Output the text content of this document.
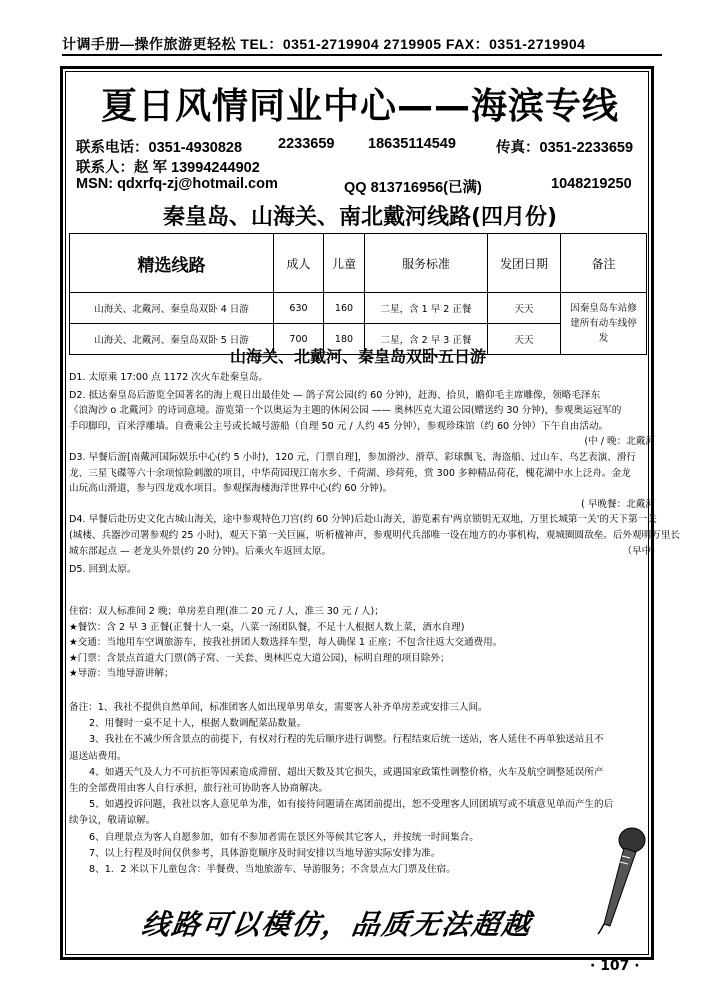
计调手册—操作旅游更轻松 TEL：0351-2719904 2719905 FAX：0351-2719904
夏日风情同业中心——海滨专线
联系电话：0351-4930828 2233659 18635114549	传真：0351-2233659
联系人：赵 军 13994244902
MSN: qdxrfq-zj@hotmail.com	QQ 813716956(已满)	1048219250
秦皇岛、山海关、南北戴河线路(四月份)
精选线路	成人	儿童	服务标准	发团日期	备注
山海关、北戴河、秦皇岛双卧 4 日游	630	160	二星，含 1 早 2 正餐	天天	因秦皇岛车站修建所有动车线停发
山海关、北戴河、秦皇岛双卧 5 日游	700	180	二星，含 2 早 3 正餐	天天	
山海关、北戴河、秦皇岛双卧五日游
D1. 太原乘 17:00 点 1172 次火车赴秦皇岛。
D2. 抵达秦皇岛后游览全国著名的海上观日出最佳处 — 鸽子窝公园(约 60 分钟)，赶海、拾贝，瞻仰毛主席雕像，领略毛泽东
《浪淘沙 o 北戴河》的诗词意境。游览第一个以奥运为主题的休闲公园 —— 奥林匹克大道公园(赠送约 30 分钟)，参观奥运冠军的
手印脚印，百米浮雕墙。自费乘公主号或长城号游船（自理 50 元 / 人约 45 分钟），参观珍珠馆（约 60 分钟）下午自由活动。
(中 / 晚：北戴河
D3. 早餐后游[南戴河国际娱乐中心(约 5 小时)，120 元，门票自理]，参加滑沙、滑草、彩球飘飞、海盗船、过山车、乌艺表演、滑行
龙、三星飞碟等六十余项惊险刺激的项目，中华荷园现江南水乡、千荷湖、珍荷苑，赏 300 多种精品荷花，槐花湖中水上泛舟。金龙
山玩高山滑道，参与四龙戏水项目。参观探海楼海洋世界中心(约 60 分钟)。
( 早晚餐：北戴河
D4. 早餐后赴历史文化古城山海关，途中参观特色刀宫(约 60 分钟)后赴山海关，游览素有'两京锁钥无双地，万里长城第一关'的天下第一关
(城楼、兵器沙司署参观约 25 小时)，观天下第一关巨匾，听析楹神声，参观明代兵部唯一设在地方的办事机构，观城圈圆敌垒。后外观明万里长
城东部起点 — 老龙头外景(约 20 分钟)。后乘火车返回太原。	（早中)
D5. 回到太原。
住宿：双人标准间 2 晚；单房差自理(准二 20 元 / 人，准三 30 元 / 人)；
★餐饮：含 2 早 3 正餐(正餐十人一桌，八菜一汤团队餐，不足十人根据人数上菜，酒水自理)
★交通：当地用车空调旅游车，按我社拼团人数选择车型，每人确保 1 正座；不包含往返大交通费用。
★门票：含景点首道大门票(鸽子窝、一关套、奥林匹克大道公园)，标明自理的项目除外；
★导游：当地导游讲解；
备注：1、我社不提供自然单间，标准团客人如出现单男单女，需要客人补齐单房差或安排三人间。
2、用餐时一桌不足十人，根据人数调配菜品数量。
3、我社在不减少所含景点的前提下，有权对行程的先后顺序进行调整。行程结束后统一送站，客人延住不再单独送站且不
退送站费用。
4、如遇天气及人力不可抗拒等因素造成滞留、超出天数及其它损失，或遇国家政策性调整价格，火车及航空调整延误所产
生的全部费用由客人自行承担，旅行社可协助客人协商解决。
5、如遇投诉问题，我社以客人意见单为准，如有接待问题请在离团前提出，恕不受理客人回团填写或不填意见单而产生的后
续争议，敬请谅解。
6、自理景点为客人自愿参加，如有不参加者需在景区外等候其它客人，并按统一时间集合。
7、以上行程及时间仅供参考，具体游览顺序及时间安排以当地导游实际安排为准。
8、1．2 米以下儿童包含：半餐费、当地旅游车、导游服务；不含景点大门票及住宿。
线路可以模仿，品质无法超越
· 107 ·
